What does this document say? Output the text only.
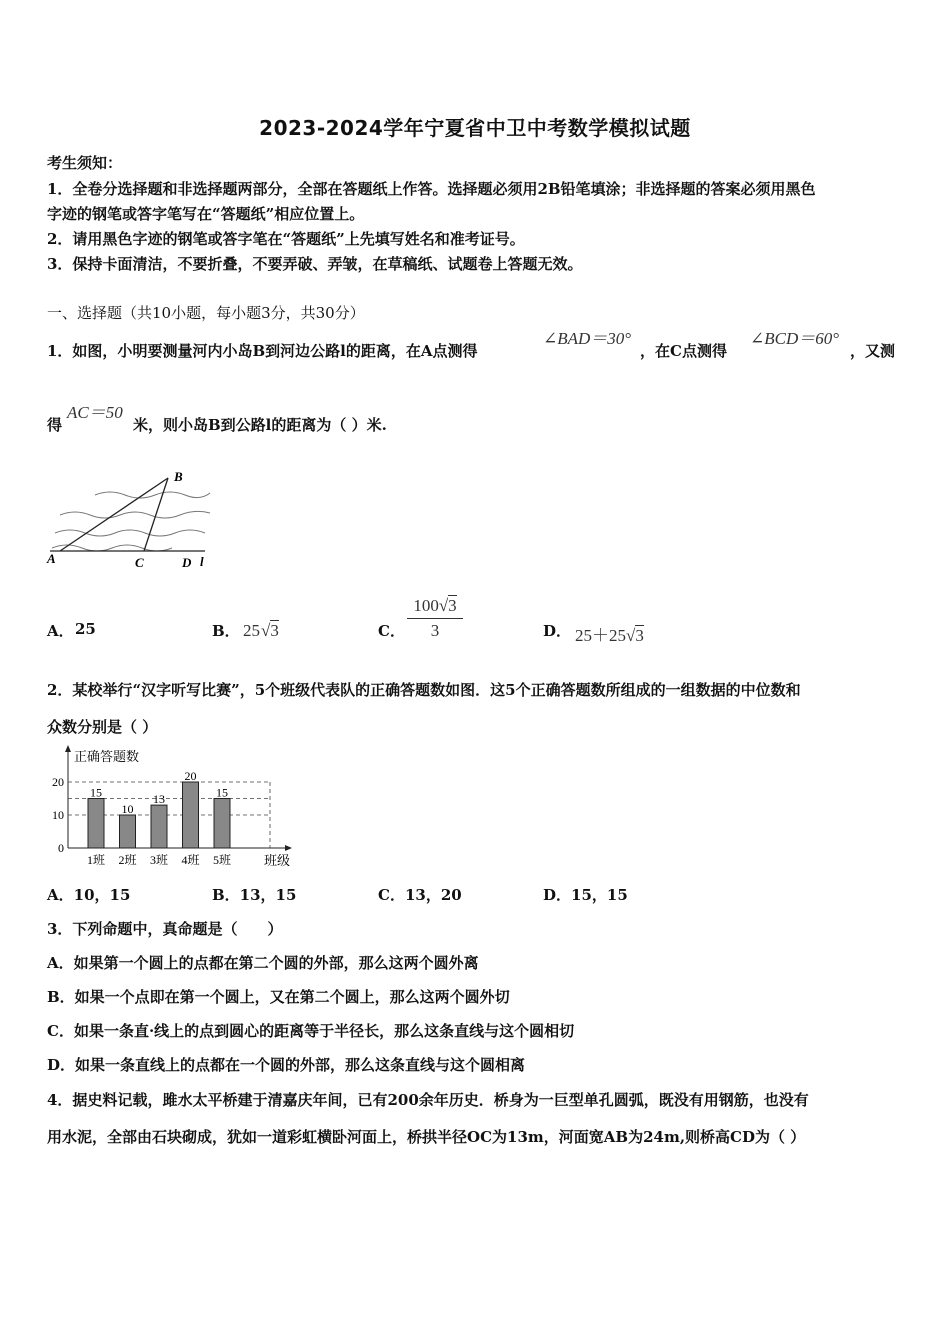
2023-2024学年宁夏省中卫中考数学模拟试题
考生须知：
1．全卷分选择题和非选择题两部分，全部在答题纸上作答。选择题必须用2B铅笔填涂；非选择题的答案必须用黑色
字迹的钢笔或答字笔写在“答题纸”相应位置上。
2．请用黑色字迹的钢笔或答字笔在“答题纸”上先填写姓名和准考证号。
3．保持卡面清洁，不要折叠，不要弄破、弄皱，在草稿纸、试题卷上答题无效。
一、选择题（共10小题，每小题3分，共30分）
1．如图，小明要测量河内小岛B到河边公路l的距离，在A点测得
∠BAD＝30°
，在C点测得
∠BCD＝60°
，又测
得
AC＝50
米，则小岛B到公路l的距离为（ ）米.
A
B
C	D l
A． 25	B． 25√3	C．
100√3
3	D． 25＋25√3
2．某校举行“汉字听写比赛”，5个班级代表队的正确答题数如图．这5个正确答题数所组成的一组数据的中位数和
众数分别是（ ）
正确答题数
班级
0
10
20
15
1班
10
2班
13
3班
20
4班
15
5班
A．10，15	B．13，15	C．13，20	D．15，15
3．下列命题中，真命题是（　　）
A．如果第一个圆上的点都在第二个圆的外部，那么这两个圆外离
B．如果一个点即在第一个圆上，又在第二个圆上，那么这两个圆外切
C．如果一条直·线上的点到圆心的距离等于半径长，那么这条直线与这个圆相切
D．如果一条直线上的点都在一个圆的外部，那么这条直线与这个圆相离
4．据史料记载，雎水太平桥建于清嘉庆年间，已有200余年历史．桥身为一巨型单孔圆弧，既没有用钢筋，也没有
用水泥，全部由石块砌成，犹如一道彩虹横卧河面上，桥拱半径OC为13m，河面宽AB为24m,则桥高CD为（ ）
